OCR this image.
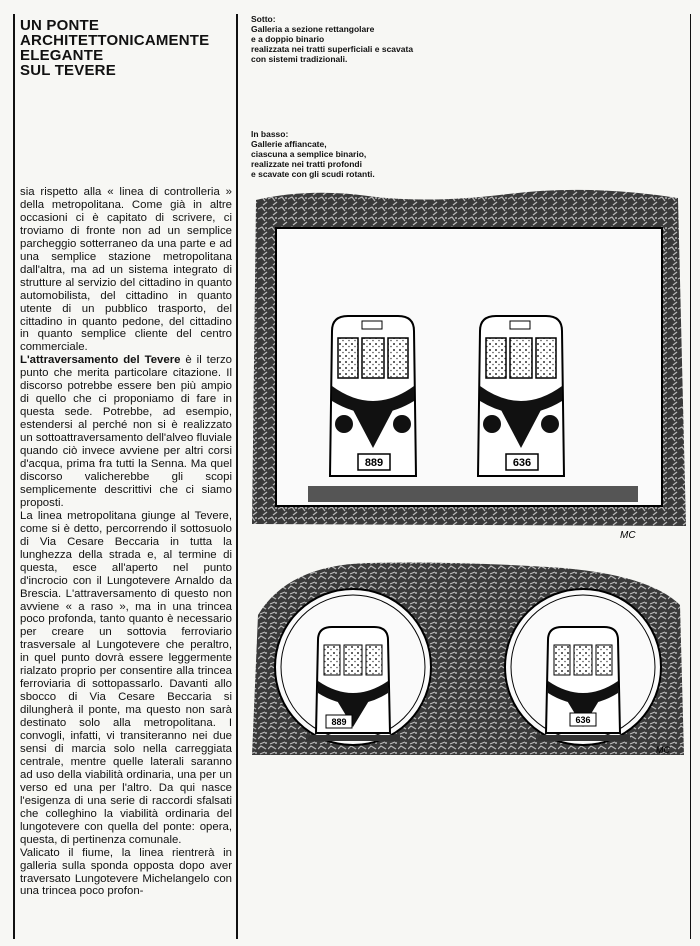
UN PONTE
ARCHITETTONICAMENTE
ELEGANTE
SUL TEVERE
Sotto:
Galleria a sezione rettangolare
e a doppio binario
realizzata nei tratti superficiali e scavata
con sistemi tradizionali.
In basso:
Gallerie affiancate,
ciascuna a semplice binario,
realizzate nei tratti profondi
e scavate con gli scudi rotanti.

sia rispetto alla « linea di controlleria » della metropolitana. Come già in altre occasioni ci è capitato di scrivere, ci troviamo di fronte non ad un semplice parcheggio sotterraneo da una parte e ad una semplice stazione metropolitana dall'altra, ma ad un sistema integrato di strutture al servizio del cittadino in quanto automobilista, del cittadino in quanto utente di un pubblico trasporto, del cittadino in quanto pedone, del cittadino in quanto semplice cliente del centro commerciale.

L'attraversamento del Tevere è il terzo punto che merita particolare citazione. Il discorso potrebbe essere ben più ampio di quello che ci proponiamo di fare in questa sede. Potrebbe, ad esempio, estendersi al perché non si è realizzato un sottoattraversamento dell'alveo fluviale quando ciò invece avviene per altri corsi d'acqua, prima fra tutti la Senna. Ma quel discorso valicherebbe gli scopi semplicemente descrittivi che ci siamo proposti.

La linea metropolitana giunge al Tevere, come si è detto, percorrendo il sottosuolo di Via Cesare Beccaria in tutta la lunghezza della strada e, al termine di questa, esce all'aperto nel punto d'incrocio con il Lungotevere Arnaldo da Brescia. L'attraversamento di questo non avviene « a raso », ma in una trincea poco profonda, tanto quanto è necessario per creare un sottovia ferroviario trasversale al Lungotevere che peraltro, in quel punto dovrà essere leggermente rialzato proprio per consentire alla trincea ferroviaria di sottopassarlo. Davanti allo sbocco di Via Cesare Beccaria si dilungherà il ponte, ma questo non sarà destinato solo alla metropolitana. I convogli, infatti, vi transiteranno nei due sensi di marcia solo nella carreggiata centrale, mentre quelle laterali saranno ad uso della viabilità ordinaria, una per un verso ed una per l'altro. Da qui nasce l'esigenza di una serie di raccordi sfalsati che colleghino la viabilità ordinaria del lungotevere con quella del ponte: opera, questa, di pertinenza comunale.

Valicato il fiume, la linea rientrerà in galleria sulla sponda opposta dopo aver traversato Lungotevere Michelangelo con una trincea poco profon-

889	636
MC
889	636
MC
